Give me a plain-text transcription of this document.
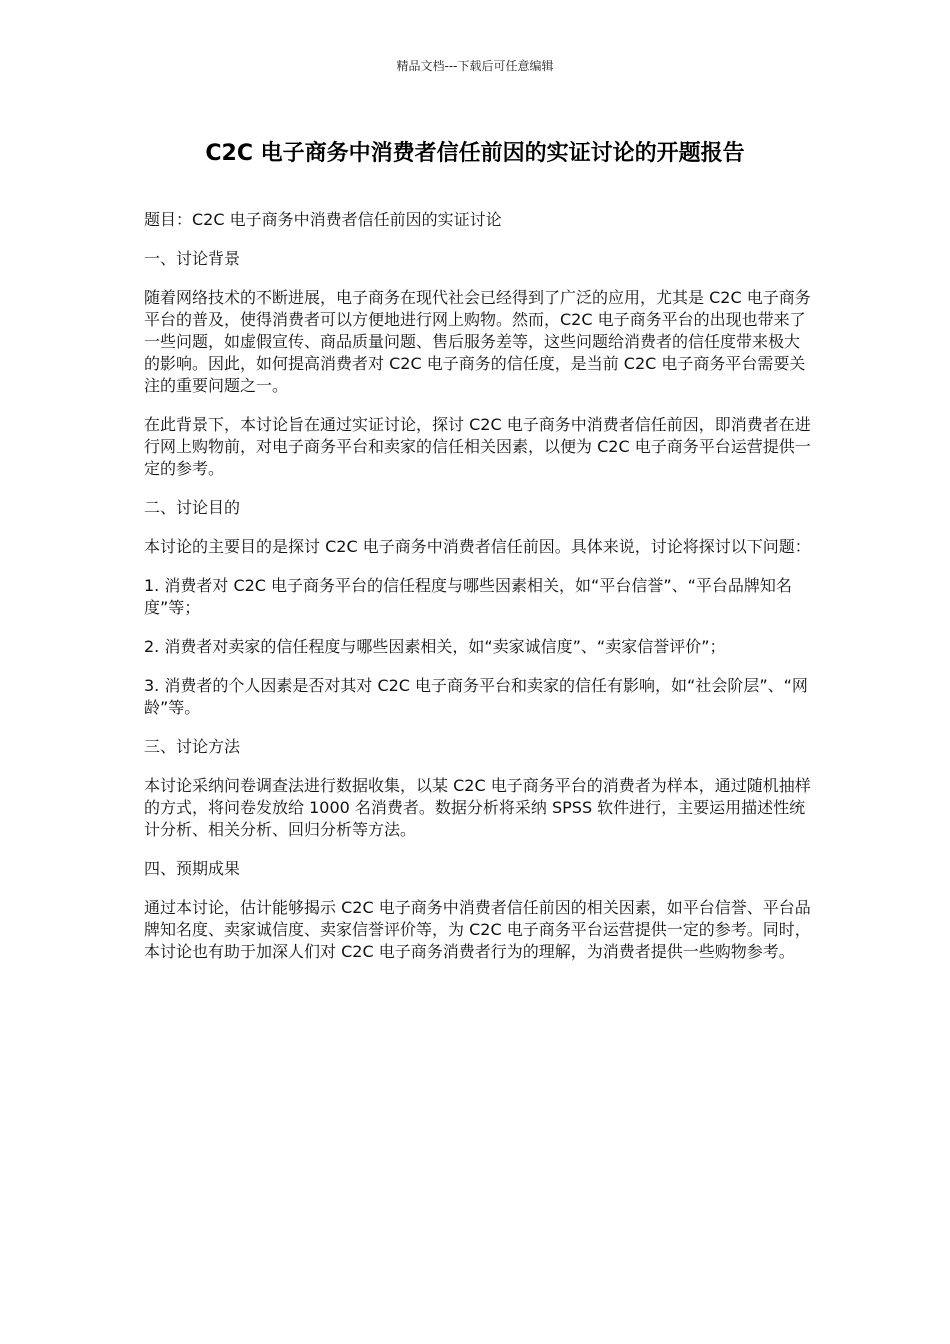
精品文档---下载后可任意编辑
C2C 电子商务中消费者信任前因的实证讨论的开题报告

题目：C2C 电子商务中消费者信任前因的实证讨论

一、讨论背景

随着网络技术的不断进展，电子商务在现代社会已经得到了广泛的应用，尤其是 C2C 电子商务平台的普及，使得消费者可以方便地进行网上购物。然而，C2C 电子商务平台的出现也带来了一些问题，如虚假宣传、商品质量问题、售后服务差等，这些问题给消费者的信任度带来极大的影响。因此，如何提高消费者对 C2C 电子商务的信任度，是当前 C2C 电子商务平台需要关注的重要问题之一。

在此背景下，本讨论旨在通过实证讨论，探讨 C2C 电子商务中消费者信任前因，即消费者在进行网上购物前，对电子商务平台和卖家的信任相关因素，以便为 C2C 电子商务平台运营提供一定的参考。

二、讨论目的

本讨论的主要目的是探讨 C2C 电子商务中消费者信任前因。具体来说，讨论将探讨以下问题：

1. 消费者对 C2C 电子商务平台的信任程度与哪些因素相关，如“平台信誉”、“平台品牌知名度”等；

2. 消费者对卖家的信任程度与哪些因素相关，如“卖家诚信度”、“卖家信誉评价”；

3. 消费者的个人因素是否对其对 C2C 电子商务平台和卖家的信任有影响，如“社会阶层”、“网龄”等。

三、讨论方法

本讨论采纳问卷调查法进行数据收集，以某 C2C 电子商务平台的消费者为样本，通过随机抽样的方式，将问卷发放给 1000 名消费者。数据分析将采纳 SPSS 软件进行，主要运用描述性统计分析、相关分析、回归分析等方法。

四、预期成果

通过本讨论，估计能够揭示 C2C 电子商务中消费者信任前因的相关因素，如平台信誉、平台品牌知名度、卖家诚信度、卖家信誉评价等，为 C2C 电子商务平台运营提供一定的参考。同时，本讨论也有助于加深人们对 C2C 电子商务消费者行为的理解，为消费者提供一些购物参考。
